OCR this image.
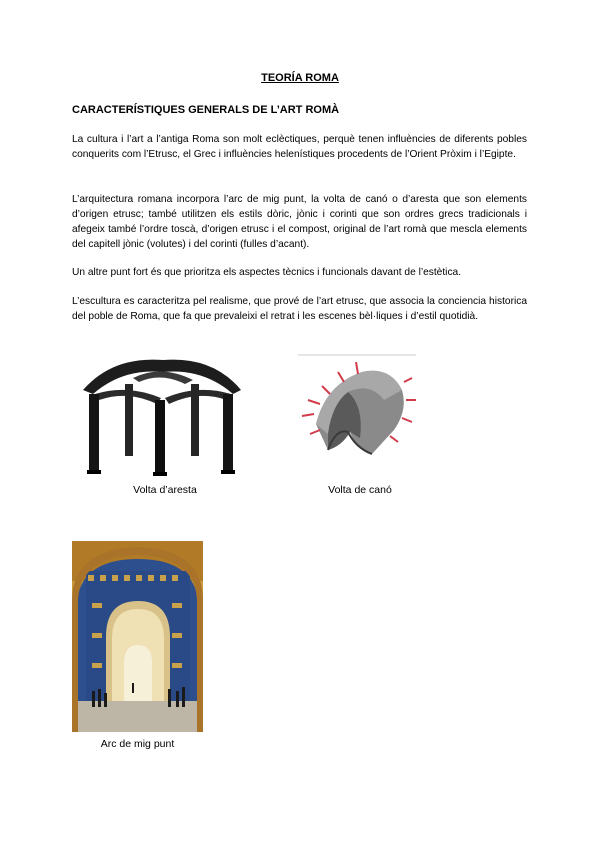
TEORÍA ROMA
CARACTERÍSTIQUES GENERALS DE L’ART ROMÀ
La cultura i l’art a l’antiga Roma son molt eclèctiques, perquè tenen influències de diferents pobles conquerits com l’Etrusc, el Grec i influències helenístiques procedents de l’Orient Pròxim i l’Egipte.
L’arquitectura romana incorpora l’arc de mig punt, la volta de canó o d’aresta que son elements d’origen etrusc; també utilitzen els estils dòric, jònic i corinti que son ordres grecs tradicionals i afegeix també l’ordre toscà, d’origen etrusc i el compost, original de l’art romà que mescla elements del capitell jònic (volutes) i del corinti (fulles d’acant).
Un altre punt fort és que prioritza els aspectes tècnics i funcionals davant de l’estètica.
L’escultura es caracteritza pel realisme, que prové de l’art etrusc, que associa la conciencia historica del poble de Roma, que fa que prevaleixi el retrat i les escenes bèl·liques i d’estil quotidià.
Volta d’aresta	Volta de canó
Arc de mig punt
